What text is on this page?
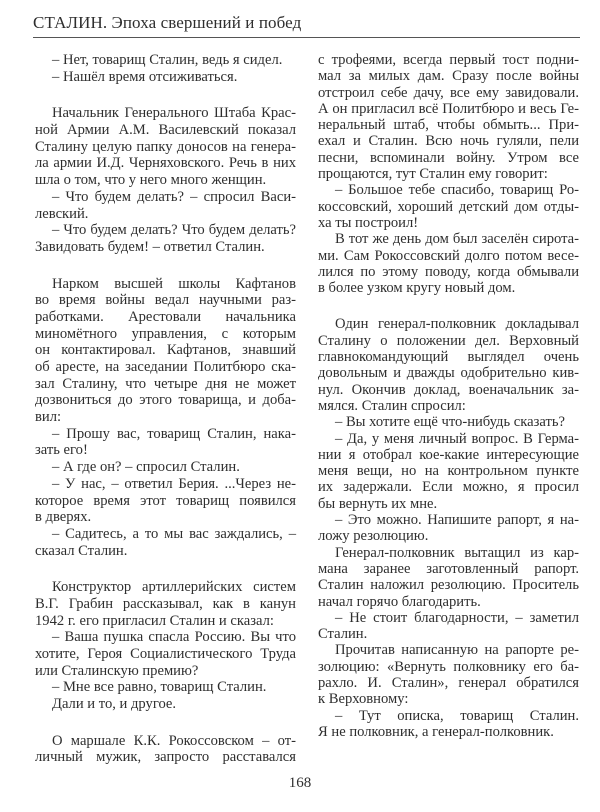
СТАЛИН. Эпоха свершений и побед
– Нет, товарищ Сталин, ведь я сидел.
– Нашёл время отсиживаться.
Начальник Генерального Штаба Крас-
ной Армии А.М. Василевский показал
Сталину целую папку доносов на генера-
ла армии И.Д. Черняховского. Речь в них
шла о том, что у него много женщин.
– Что будем делать? – спросил Васи-
левский.
– Что будем делать? Что будем делать?
Завидовать будем! – ответил Сталин.
Нарком высшей школы Кафтанов
во время войны ведал научными раз-
работками. Арестовали начальника
миномётного управления, с которым
он контактировал. Кафтанов, знавший
об аресте, на заседании Политбюро ска-
зал Сталину, что четыре дня не может
дозвониться до этого товарища, и доба-
вил:
– Прошу вас, товарищ Сталин, нака-
зать его!
– А где он? – спросил Сталин.
– У нас, – ответил Берия. ...Через не-
которое время этот товарищ появился
в дверях.
– Садитесь, а то мы вас заждались, –
сказал Сталин.
Конструктор артиллерийских систем
В.Г. Грабин рассказывал, как в канун
1942 г. его пригласил Сталин и сказал:
– Ваша пушка спасла Россию. Вы что
хотите, Героя Социалистического Труда
или Сталинскую премию?
– Мне все равно, товарищ Сталин.
Дали и то, и другое.
О маршале К.К. Рокоссовском – от-
личный мужик, запросто расставался
с трофеями, всегда первый тост подни-
мал за милых дам. Сразу после войны
отстроил себе дачу, все ему завидовали.
А он пригласил всё Политбюро и весь Ге-
неральный штаб, чтобы обмыть... При-
ехал и Сталин. Всю ночь гуляли, пели
песни, вспоминали войну. Утром все
прощаются, тут Сталин ему говорит:
– Большое тебе спасибо, товарищ Ро-
коссовский, хороший детский дом отды-
ха ты построил!
В тот же день дом был заселён сирота-
ми. Сам Рокоссовский долго потом весе-
лился по этому поводу, когда обмывали
в более узком кругу новый дом.
Один генерал-полковник докладывал
Сталину о положении дел. Верховный
главнокомандующий выглядел очень
довольным и дважды одобрительно кив-
нул. Окончив доклад, военачальник за-
мялся. Сталин спросил:
– Вы хотите ещё что-нибудь сказать?
– Да, у меня личный вопрос. В Герма-
нии я отобрал кое-какие интересующие
меня вещи, но на контрольном пункте
их задержали. Если можно, я просил
бы вернуть их мне.
– Это можно. Напишите рапорт, я на-
ложу резолюцию.
Генерал-полковник вытащил из кар-
мана заранее заготовленный рапорт.
Сталин наложил резолюцию. Проситель
начал горячо благодарить.
– Не стоит благодарности, – заметил
Сталин.
Прочитав написанную на рапорте ре-
золюцию: «Вернуть полковнику его ба-
рахло. И. Сталин», генерал обратился
к Верховному:
– Тут описка, товарищ Сталин.
Я не полковник, а генерал-полковник.
168
